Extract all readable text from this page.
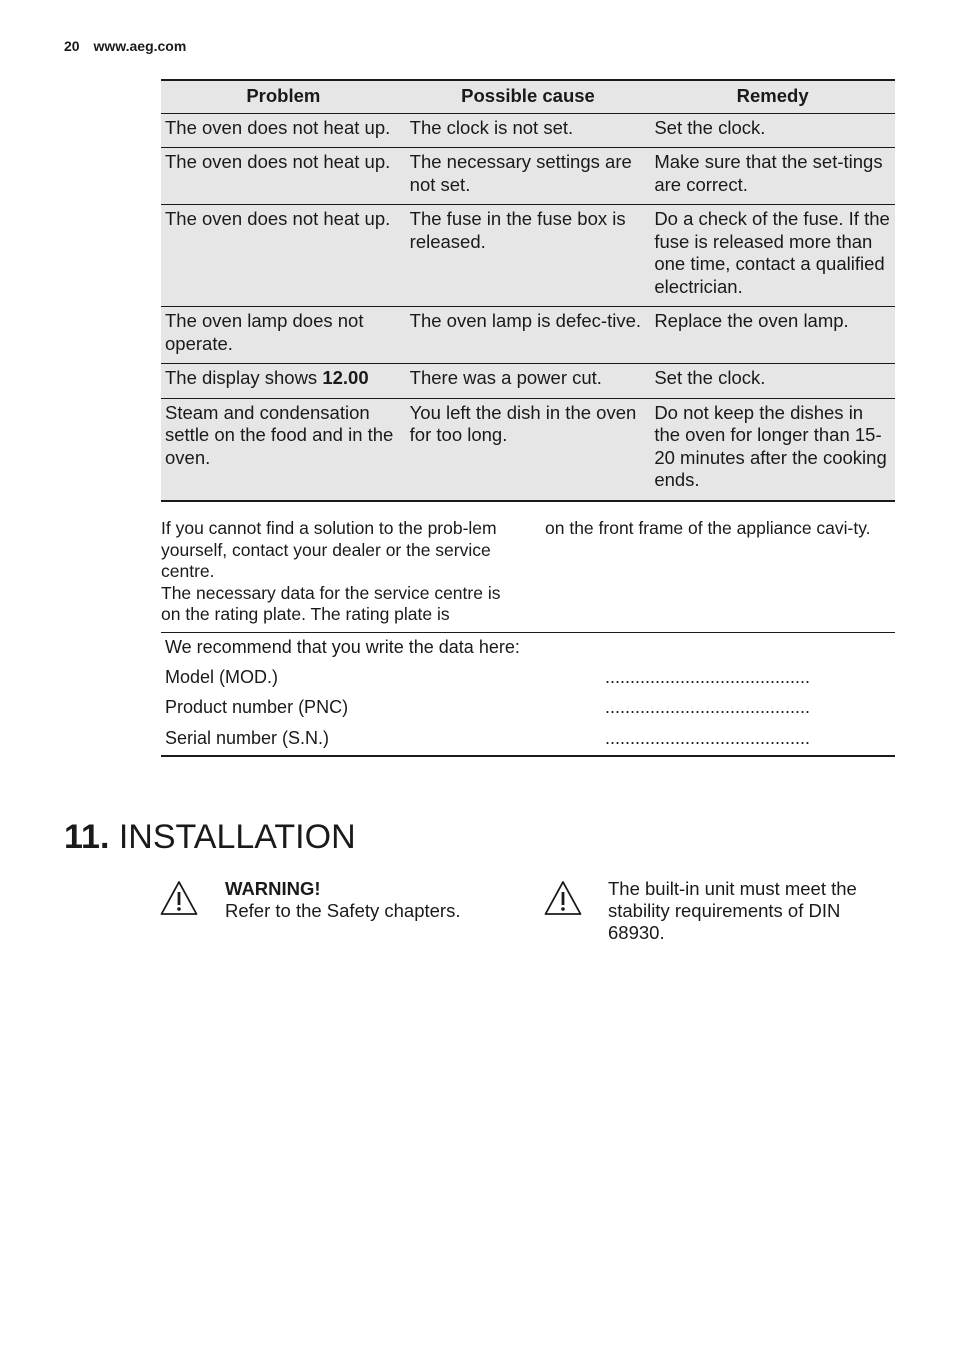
20 www.aeg.com
Problem	Possible cause	Remedy
The oven does not heat up.	The clock is not set.	Set the clock.
The oven does not heat up.	The necessary settings are not set.	Make sure that the set-tings are correct.
The oven does not heat up.	The fuse in the fuse box is released.	Do a check of the fuse. If the fuse is released more than one time, contact a qualified electrician.
The oven lamp does not operate.	The oven lamp is defec-tive.	Replace the oven lamp.
The display shows 12.00	There was a power cut.	Set the clock.
Steam and condensation settle on the food and in the oven.	You left the dish in the oven for too long.	Do not keep the dishes in the oven for longer than 15-20 minutes after the cooking ends.
If you cannot find a solution to the prob-lem yourself, contact your dealer or the service centre.
The necessary data for the service centre is on the rating plate. The rating plate is
on the front frame of the appliance cavi-ty.
We recommend that you write the data here:
Model (MOD.)	.........................................
Product number (PNC)	.........................................
Serial number (S.N.)	.........................................
11. INSTALLATION
WARNING!
Refer to the Safety chapters.
The built-in unit must meet the stability requirements of DIN 68930.
